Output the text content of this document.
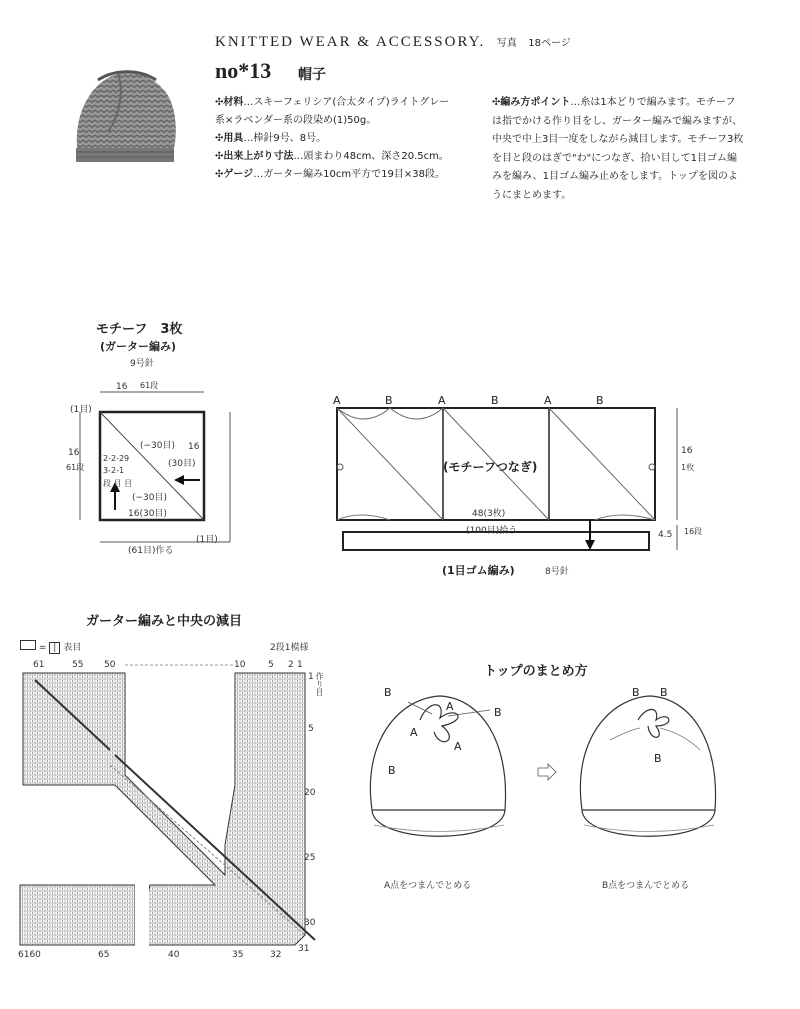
KNITTED WEAR & ACCESSORY. 写真 18ページ
no*13 帽子
✣材料…スキーフェリシア(合太タイプ)ライトグレー系×ラベンダー系の段染め(1)50g。
✣用具…棒針9号、8号。
✣出来上がり寸法…頭まわり48cm、深さ20.5cm。
✣ゲージ…ガーター編み10cm平方で19目×38段。
✣編み方ポイント…糸は1本どりで編みます。モチーフは指でかける作り目をし、ガーター編みで編みますが、中央で中上3目一度をしながら減目します。モチーフ3枚を目と段のはぎで"わ"につなぎ、拾い目して1目ゴム編みを編み、1目ゴム編み止めをします。トップを図のようにまとめます。
モチーフ　3枚
(ガーター編み)
9号針
16 61段
(1目)
16
61段
(−30目) 16
(30目)
2-2-29
3-2-1
段 目 目
(−30目)
16(30目)
(1目)
(61目)作る
A	B	A	B	A	B
(モチーフつなぎ)
48(3枚)
(100目)拾う
16
1枚
4.5 16段
(1目ゴム編み)	8号針
ガーター編みと中央の減目
= | 表目	2段1模様
61	55 50	10	5 2 1
1 作り目
5
20
25
30
31
6160	65	40	35	32
トップのまとめ方
B
A	B
A
A
B
B B
B
A点をつまんでとめる	B点をつまんでとめる
